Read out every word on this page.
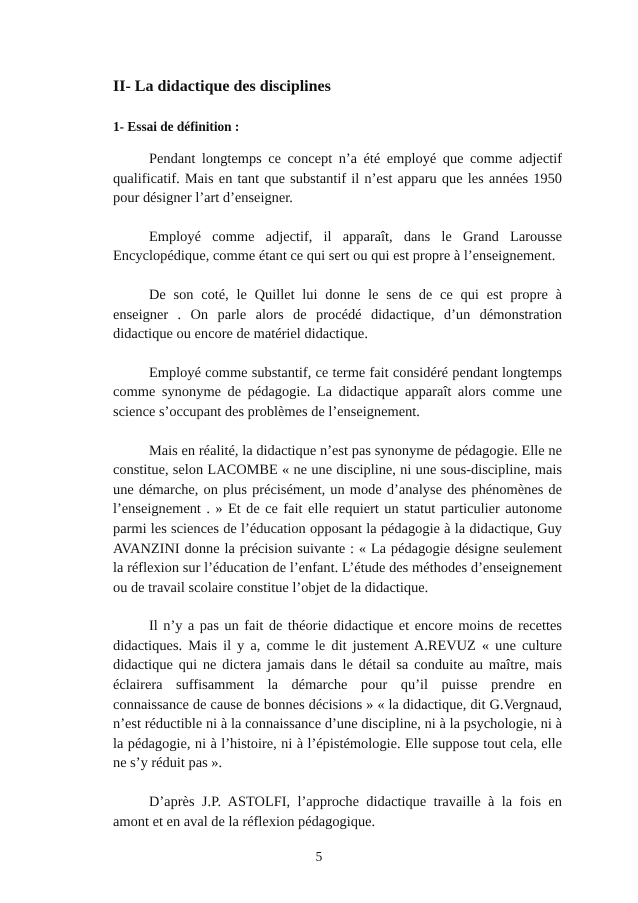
II- La didactique des disciplines
1- Essai de définition :

Pendant longtemps ce concept n’a été employé que comme adjectif qualificatif. Mais en tant que substantif il n’est apparu que les années 1950 pour désigner l’art d’enseigner.

Employé comme adjectif, il apparaît, dans le Grand Larousse Encyclopédique, comme étant ce qui sert ou qui est propre à l’enseignement.

De son coté, le Quillet lui donne le sens de ce qui est propre à enseigner . On parle alors de procédé didactique, d’un démonstration didactique ou encore de matériel didactique.

Employé comme substantif, ce terme fait considéré pendant longtemps comme synonyme de pédagogie. La didactique apparaît alors comme une science s’occupant des problèmes de l’enseignement.

Mais en réalité, la didactique n’est pas synonyme de pédagogie. Elle ne constitue, selon LACOMBE « ne une discipline, ni une sous-discipline, mais une démarche, on plus précisément, un mode d’analyse des phénomènes de l’enseignement . » Et de ce fait elle requiert un statut particulier autonome parmi les sciences de l’éducation opposant la pédagogie à la didactique, Guy AVANZINI donne la précision suivante : « La pédagogie désigne seulement la réflexion sur l’éducation de l’enfant. L’étude des méthodes d’enseignement ou de travail scolaire constitue l’objet de la didactique.

Il n’y a pas un fait de théorie didactique et encore moins de recettes didactiques. Mais il y a, comme le dit justement A.REVUZ « une culture didactique qui ne dictera jamais dans le détail sa conduite au maître, mais éclairera suffisamment la démarche pour qu’il puisse prendre en connaissance de cause de bonnes décisions » « la didactique, dit G.Vergnaud, n’est réductible ni à la connaissance d’une discipline, ni à la psychologie, ni à la pédagogie, ni à l’histoire, ni à l’épistémologie. Elle suppose tout cela, elle ne s’y réduit pas ».

D’après J.P. ASTOLFI, l’approche didactique travaille à la fois en amont et en aval de la réflexion pédagogique.

5
